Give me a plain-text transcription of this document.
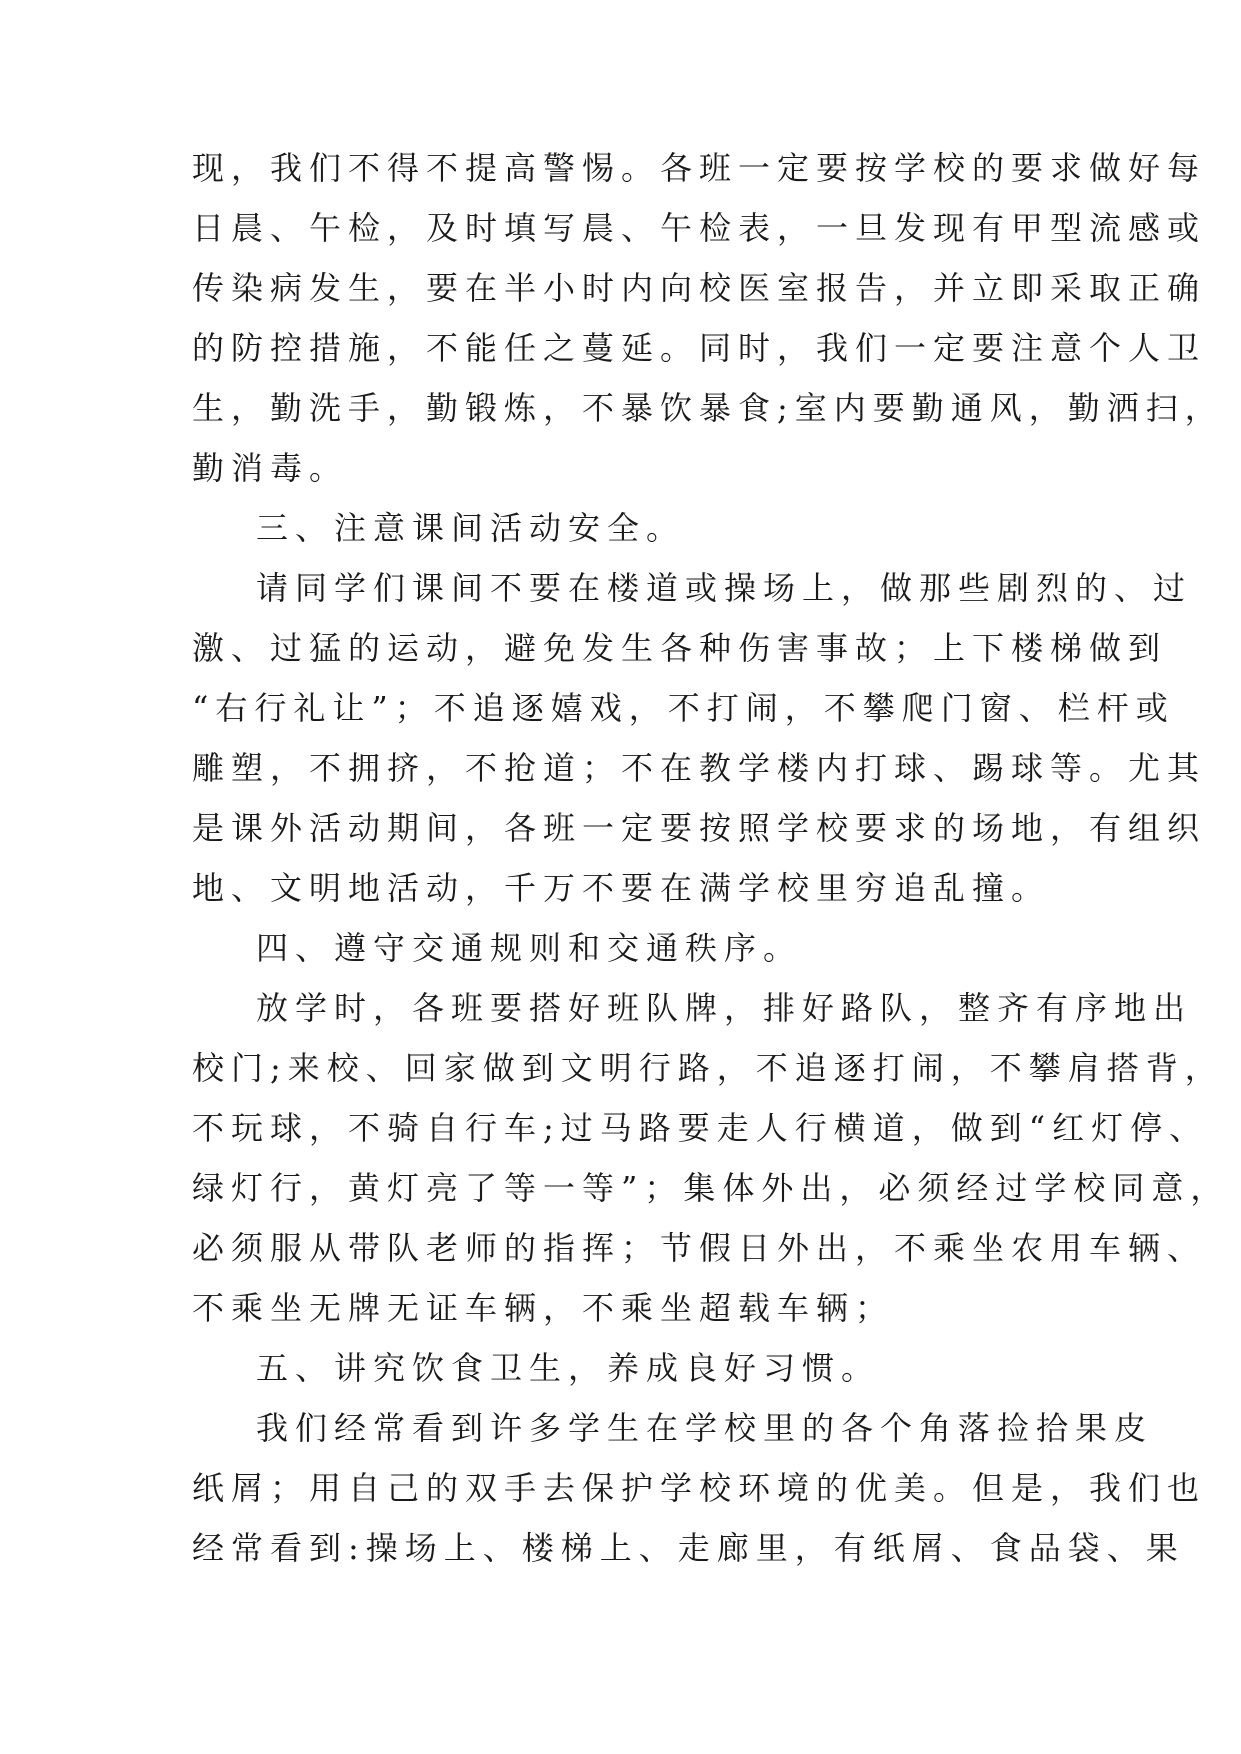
现，我们不得不提高警惕。各班一定要按学校的要求做好每
日晨、午检，及时填写晨、午检表，一旦发现有甲型流感或
传染病发生，要在半小时内向校医室报告，并立即采取正确
的防控措施，不能任之蔓延。同时，我们一定要注意个人卫
生，勤洗手，勤锻炼，不暴饮暴食;室内要勤通风，勤洒扫，
勤消毒。
三、注意课间活动安全。
请同学们课间不要在楼道或操场上，做那些剧烈的、过
激、过猛的运动，避免发生各种伤害事故；上下楼梯做到
“右行礼让”；不追逐嬉戏，不打闹，不攀爬门窗、栏杆或
雕塑，不拥挤，不抢道；不在教学楼内打球、踢球等。尤其
是课外活动期间，各班一定要按照学校要求的场地，有组织
地、文明地活动，千万不要在满学校里穷追乱撞。
四、遵守交通规则和交通秩序。
放学时，各班要搭好班队牌，排好路队，整齐有序地出
校门;来校、回家做到文明行路，不追逐打闹，不攀肩搭背，
不玩球，不骑自行车;过马路要走人行横道，做到“红灯停、
绿灯行，黄灯亮了等一等”；集体外出，必须经过学校同意，
必须服从带队老师的指挥；节假日外出，不乘坐农用车辆、
不乘坐无牌无证车辆，不乘坐超载车辆；
五、讲究饮食卫生，养成良好习惯。
我们经常看到许多学生在学校里的各个角落捡拾果皮
纸屑；用自己的双手去保护学校环境的优美。但是，我们也
经常看到:操场上、楼梯上、走廊里，有纸屑、食品袋、果
